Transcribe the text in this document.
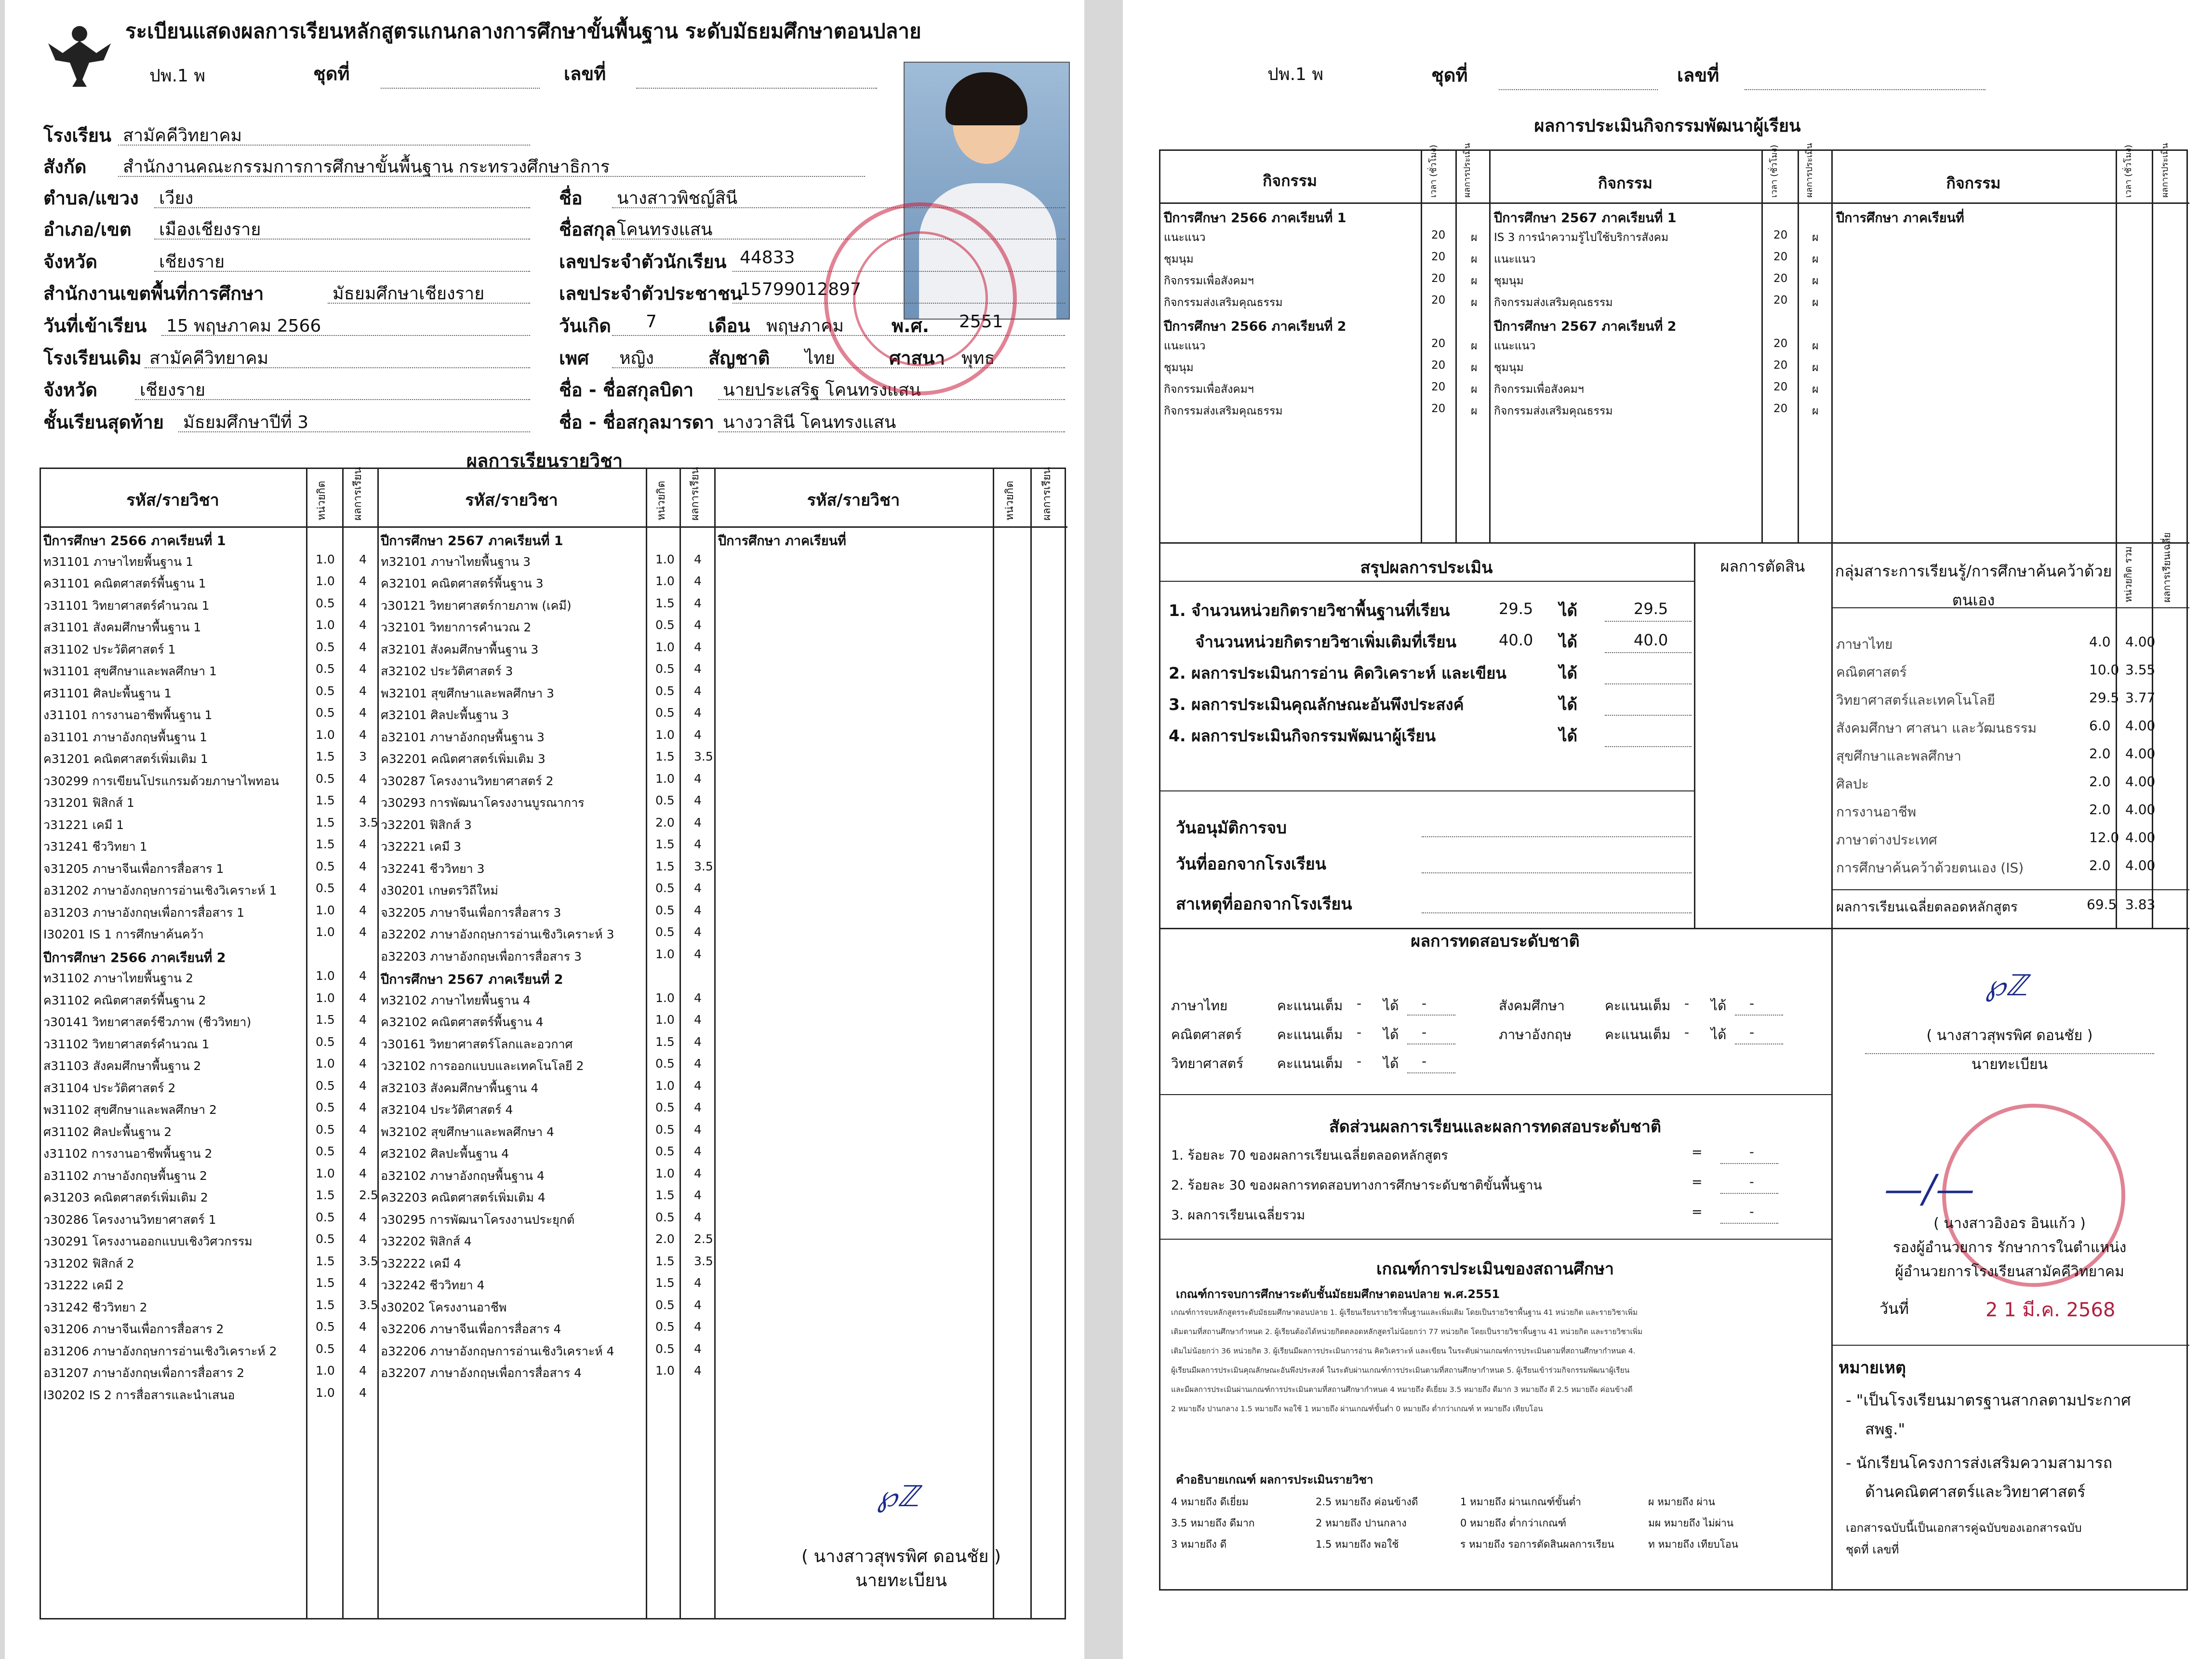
ระเบียนแสดงผลการเรียนหลักสูตรแกนกลางการศึกษาขั้นพื้นฐาน ระดับมัธยมศึกษาตอนปลาย
ปพ.1 พ	ชุดที่	เลขที่
โรงเรียน สามัคคีวิทยาคม
สังกัด สำนักงานคณะกรรมการการศึกษาขั้นพื้นฐาน กระทรวงศึกษาธิการ
ตำบล/แขวง เวียง
อำเภอ/เขต เมืองเชียงราย
จังหวัด	เชียงราย
สำนักงานเขตพื้นที่การศึกษา	มัธยมศึกษาเชียงราย
วันที่เข้าเรียน 15 พฤษภาคม 2566
โรงเรียนเดิม สามัคคีวิทยาคม
จังหวัด เชียงราย
ชั้นเรียนสุดท้าย มัธยมศึกษาปีที่ 3
ชื่อ นางสาวพิชญ์สินี
ชื่อสกุล โคนทรงแสน
เลขประจำตัวนักเรียน 44833
เลขประจำตัวประชาชน
15799012897
วันเกิด 7	เดือน พฤษภาคม	พ.ศ. 2551
เพศ หญิง	สัญชาติ ไทย	ศาสนา พุทธ
ชื่อ - ชื่อสกุลบิดา นายประเสริฐ โคนทรงแสน
ชื่อ - ชื่อสกุลมารดา นางวาสินี โคนทรงแสน
ผลการเรียนรายวิชา
รหัส/รายวิชา	รหัส/รายวิชา	รหัส/รายวิชา
หน่วยกิต ผลการเรียน	หน่วยกิต ผลการเรียน	หน่วยกิต ผลการเรียน
ปีการศึกษา 2566 ภาคเรียนที่ 1
ท31101 ภาษาไทยพื้นฐาน 1	1.0 4
ค31101 คณิตศาสตร์พื้นฐาน 1	1.0 4
ว31101 วิทยาศาสตร์คำนวณ 1	0.5 4
ส31101 สังคมศึกษาพื้นฐาน 1	1.0 4
ส31102 ประวัติศาสตร์ 1	0.5 4
พ31101 สุขศึกษาและพลศึกษา 1	0.5 4
ศ31101 ศิลปะพื้นฐาน 1	0.5 4
ง31101 การงานอาชีพพื้นฐาน 1	0.5 4
อ31101 ภาษาอังกฤษพื้นฐาน 1	1.0 4
ค31201 คณิตศาสตร์เพิ่มเติม 1	1.5 3
ว30299 การเขียนโปรแกรมด้วยภาษาไพทอน	0.5 4
ว31201 ฟิสิกส์ 1	1.5 4
ว31221 เคมี 1	1.5 3.5
ว31241 ชีววิทยา 1	1.5 4
จ31205 ภาษาจีนเพื่อการสื่อสาร 1	0.5 4
อ31202 ภาษาอังกฤษการอ่านเชิงวิเคราะห์ 1	0.5 4
อ31203 ภาษาอังกฤษเพื่อการสื่อสาร 1	1.0 4
I30201 IS 1 การศึกษาค้นคว้า	1.0 4
ปีการศึกษา 2566 ภาคเรียนที่ 2
ท31102 ภาษาไทยพื้นฐาน 2	1.0 4
ค31102 คณิตศาสตร์พื้นฐาน 2	1.0 4
ว30141 วิทยาศาสตร์ชีวภาพ (ชีววิทยา)	1.5 4
ว31102 วิทยาศาสตร์คำนวณ 1	0.5 4
ส31103 สังคมศึกษาพื้นฐาน 2	1.0 4
ส31104 ประวัติศาสตร์ 2	0.5 4
พ31102 สุขศึกษาและพลศึกษา 2	0.5 4
ศ31102 ศิลปะพื้นฐาน 2	0.5 4
ง31102 การงานอาชีพพื้นฐาน 2	0.5 4
อ31102 ภาษาอังกฤษพื้นฐาน 2	1.0 4
ค31203 คณิตศาสตร์เพิ่มเติม 2	1.5 2.5
ว30286 โครงงานวิทยาศาสตร์ 1	0.5 4
ว30291 โครงงานออกแบบเชิงวิศวกรรม	0.5 4
ว31202 ฟิสิกส์ 2	1.5 3.5
ว31222 เคมี 2	1.5 4
ว31242 ชีววิทยา 2	1.5 3.5
จ31206 ภาษาจีนเพื่อการสื่อสาร 2	0.5 4
อ31206 ภาษาอังกฤษการอ่านเชิงวิเคราะห์ 2	0.5 4
อ31207 ภาษาอังกฤษเพื่อการสื่อสาร 2	1.0 4
I30202 IS 2 การสื่อสารและนำเสนอ	1.0 4
ปีการศึกษา 2567 ภาคเรียนที่ 1
ท32101 ภาษาไทยพื้นฐาน 3	1.0 4
ค32101 คณิตศาสตร์พื้นฐาน 3	1.0 4
ว30121 วิทยาศาสตร์กายภาพ (เคมี)	1.5 4
ว32101 วิทยาการคำนวณ 2	0.5 4
ส32101 สังคมศึกษาพื้นฐาน 3	1.0 4
ส32102 ประวัติศาสตร์ 3	0.5 4
พ32101 สุขศึกษาและพลศึกษา 3	0.5 4
ศ32101 ศิลปะพื้นฐาน 3	0.5 4
อ32101 ภาษาอังกฤษพื้นฐาน 3	1.0 4
ค32201 คณิตศาสตร์เพิ่มเติม 3	1.5 3.5
ว30287 โครงงานวิทยาศาสตร์ 2	1.0 4
ว30293 การพัฒนาโครงงานบูรณาการ	0.5 4
ว32201 ฟิสิกส์ 3	2.0 4
ว32221 เคมี 3	1.5 4
ว32241 ชีววิทยา 3	1.5 3.5
ง30201 เกษตรวิถีใหม่	0.5 4
จ32205 ภาษาจีนเพื่อการสื่อสาร 3	0.5 4
อ32202 ภาษาอังกฤษการอ่านเชิงวิเคราะห์ 3	0.5 4
อ32203 ภาษาอังกฤษเพื่อการสื่อสาร 3	1.0 4
ปีการศึกษา 2567 ภาคเรียนที่ 2
ท32102 ภาษาไทยพื้นฐาน 4	1.0 4
ค32102 คณิตศาสตร์พื้นฐาน 4	1.0 4
ว30161 วิทยาศาสตร์โลกและอวกาศ	1.5 4
ว32102 การออกแบบและเทคโนโลยี 2	0.5 4
ส32103 สังคมศึกษาพื้นฐาน 4	1.0 4
ส32104 ประวัติศาสตร์ 4	0.5 4
พ32102 สุขศึกษาและพลศึกษา 4	0.5 4
ศ32102 ศิลปะพื้นฐาน 4	0.5 4
อ32102 ภาษาอังกฤษพื้นฐาน 4	1.0 4
ค32203 คณิตศาสตร์เพิ่มเติม 4	1.5 4
ว30295 การพัฒนาโครงงานประยุกต์	0.5 4
ว32202 ฟิสิกส์ 4	2.0 2.5
ว32222 เคมี 4	1.5 3.5
ว32242 ชีววิทยา 4	1.5 4
ง30202 โครงงานอาชีพ	0.5 4
จ32206 ภาษาจีนเพื่อการสื่อสาร 4	0.5 4
อ32206 ภาษาอังกฤษการอ่านเชิงวิเคราะห์ 4	0.5 4
อ32207 ภาษาอังกฤษเพื่อการสื่อสาร 4	1.0 4
ปีการศึกษา ภาคเรียนที่
℘ℤ
( นางสาวสุพรพิศ ดอนชัย )
นายทะเบียน
ปพ.1 พ	ชุดที่	เลขที่
ผลการประเมินกิจกรรมพัฒนาผู้เรียน
กิจกรรม	กิจกรรม	กิจกรรม
เวลา (ชั่วโมง)	ผลการประเมิน	เวลา (ชั่วโมง)	ผลการประเมิน	เวลา (ชั่วโมง)	ผลการประเมิน
ปีการศึกษา 2566 ภาคเรียนที่ 1
แนะแนว	20 ผ
ชุมนุม	20 ผ
กิจกรรมเพื่อสังคมฯ	20 ผ
กิจกรรมส่งเสริมคุณธรรม	20 ผ
ปีการศึกษา 2566 ภาคเรียนที่ 2
แนะแนว	20 ผ
ชุมนุม	20 ผ
กิจกรรมเพื่อสังคมฯ	20 ผ
กิจกรรมส่งเสริมคุณธรรม	20 ผ
ปีการศึกษา 2567 ภาคเรียนที่ 1
IS 3 การนำความรู้ไปใช้บริการสังคม	20 ผ
แนะแนว	20 ผ
ชุมนุม	20 ผ
กิจกรรมส่งเสริมคุณธรรม	20 ผ
ปีการศึกษา 2567 ภาคเรียนที่ 2
แนะแนว	20 ผ
ชุมนุม	20 ผ
กิจกรรมเพื่อสังคมฯ	20 ผ
กิจกรรมส่งเสริมคุณธรรม	20 ผ
ปีการศึกษา ภาคเรียนที่
สรุปผลการประเมิน	ผลการตัดสิน
1. จำนวนหน่วยกิตรายวิชาพื้นฐานที่เรียน	29.5 ได้	29.5
จำนวนหน่วยกิตรายวิชาเพิ่มเติมที่เรียน	40.0 ได้	40.0
2. ผลการประเมินการอ่าน คิดวิเคราะห์ และเขียน	ได้
3. ผลการประเมินคุณลักษณะอันพึงประสงค์	ได้
4. ผลการประเมินกิจกรรมพัฒนาผู้เรียน	ได้
วันอนุมัติการจบ
วันที่ออกจากโรงเรียน
สาเหตุที่ออกจากโรงเรียน
กลุ่มสาระการเรียนรู้/การศึกษาค้นคว้าด้วยตนเอง	หน่วยกิต รวม	ผลการเรียนเฉลี่ย
ภาษาไทย	4.0 4.00
คณิตศาสตร์	10.0 3.55
วิทยาศาสตร์และเทคโนโลยี	29.5 3.77
สังคมศึกษา ศาสนา และวัฒนธรรม	6.0 4.00
สุขศึกษาและพลศึกษา	2.0 4.00
ศิลปะ	2.0 4.00
การงานอาชีพ	2.0 4.00
ภาษาต่างประเทศ	12.0 4.00
การศึกษาค้นคว้าด้วยตนเอง (IS)	2.0 4.00
ผลการเรียนเฉลี่ยตลอดหลักสูตร	69.5 3.83
ผลการทดสอบระดับชาติ
ภาษาไทย	คะแนนเต็ม - ได้ -	สังคมศึกษา	คะแนนเต็ม - ได้ -
คณิตศาสตร์	คะแนนเต็ม - ได้ -	ภาษาอังกฤษ คะแนนเต็ม - ได้ -
วิทยาศาสตร์ คะแนนเต็ม - ได้ -
สัดส่วนผลการเรียนและผลการทดสอบระดับชาติ
1. ร้อยละ 70 ของผลการเรียนเฉลี่ยตลอดหลักสูตร	=	-
2. ร้อยละ 30 ของผลการทดสอบทางการศึกษาระดับชาติขั้นพื้นฐาน	=	-
3. ผลการเรียนเฉลี่ยรวม	=	-
เกณฑ์การประเมินของสถานศึกษา
เกณฑ์การจบการศึกษาระดับชั้นมัธยมศึกษาตอนปลาย พ.ศ.2551
เกณฑ์การจบหลักสูตรระดับมัธยมศึกษาตอนปลาย 1. ผู้เรียนเรียนรายวิชาพื้นฐานและเพิ่มเติม โดยเป็นรายวิชาพื้นฐาน 41 หน่วยกิต และรายวิชาเพิ่ม
เติมตามที่สถานศึกษากำหนด 2. ผู้เรียนต้องได้หน่วยกิตตลอดหลักสูตรไม่น้อยกว่า 77 หน่วยกิต โดยเป็นรายวิชาพื้นฐาน 41 หน่วยกิต และรายวิชาเพิ่ม
เติมไม่น้อยกว่า 36 หน่วยกิต 3. ผู้เรียนมีผลการประเมินการอ่าน คิดวิเคราะห์ และเขียน ในระดับผ่านเกณฑ์การประเมินตามที่สถานศึกษากำหนด 4.
ผู้เรียนมีผลการประเมินคุณลักษณะอันพึงประสงค์ ในระดับผ่านเกณฑ์การประเมินตามที่สถานศึกษากำหนด 5. ผู้เรียนเข้าร่วมกิจกรรมพัฒนาผู้เรียน
และมีผลการประเมินผ่านเกณฑ์การประเมินตามที่สถานศึกษากำหนด 4 หมายถึง ดีเยี่ยม 3.5 หมายถึง ดีมาก 3 หมายถึง ดี 2.5 หมายถึง ค่อนข้างดี
2 หมายถึง ปานกลาง 1.5 หมายถึง พอใช้ 1 หมายถึง ผ่านเกณฑ์ขั้นต่ำ 0 หมายถึง ต่ำกว่าเกณฑ์ ท หมายถึง เทียบโอน
คำอธิบายเกณฑ์ ผลการประเมินรายวิชา
4 หมายถึง ดีเยี่ยม	2.5 หมายถึง ค่อนข้างดี	1 หมายถึง ผ่านเกณฑ์ขั้นต่ำ	ผ หมายถึง ผ่าน
3.5 หมายถึง ดีมาก	2 หมายถึง ปานกลาง	0 หมายถึง ต่ำกว่าเกณฑ์	มผ หมายถึง ไม่ผ่าน
3 หมายถึง ดี	1.5 หมายถึง พอใช้	ร หมายถึง รอการตัดสินผลการเรียน	ท หมายถึง เทียบโอน
℘ℤ
( นางสาวสุพรพิศ ดอนชัย )
นายทะเบียน
—∕—
( นางสาวอิงอร อินแก้ว )
รองผู้อำนวยการ รักษาการในตำแหน่ง
ผู้อำนวยการโรงเรียนสามัคคีวิทยาคม
วันที่	2 1 มี.ค. 2568
หมายเหตุ
- "เป็นโรงเรียนมาตรฐานสากลตามประกาศ
สพฐ."
- นักเรียนโครงการส่งเสริมความสามารถ
ด้านคณิตศาสตร์และวิทยาศาสตร์
เอกสารฉบับนี้เป็นเอกสารคู่ฉบับของเอกสารฉบับ
ชุดที่ เลขที่
